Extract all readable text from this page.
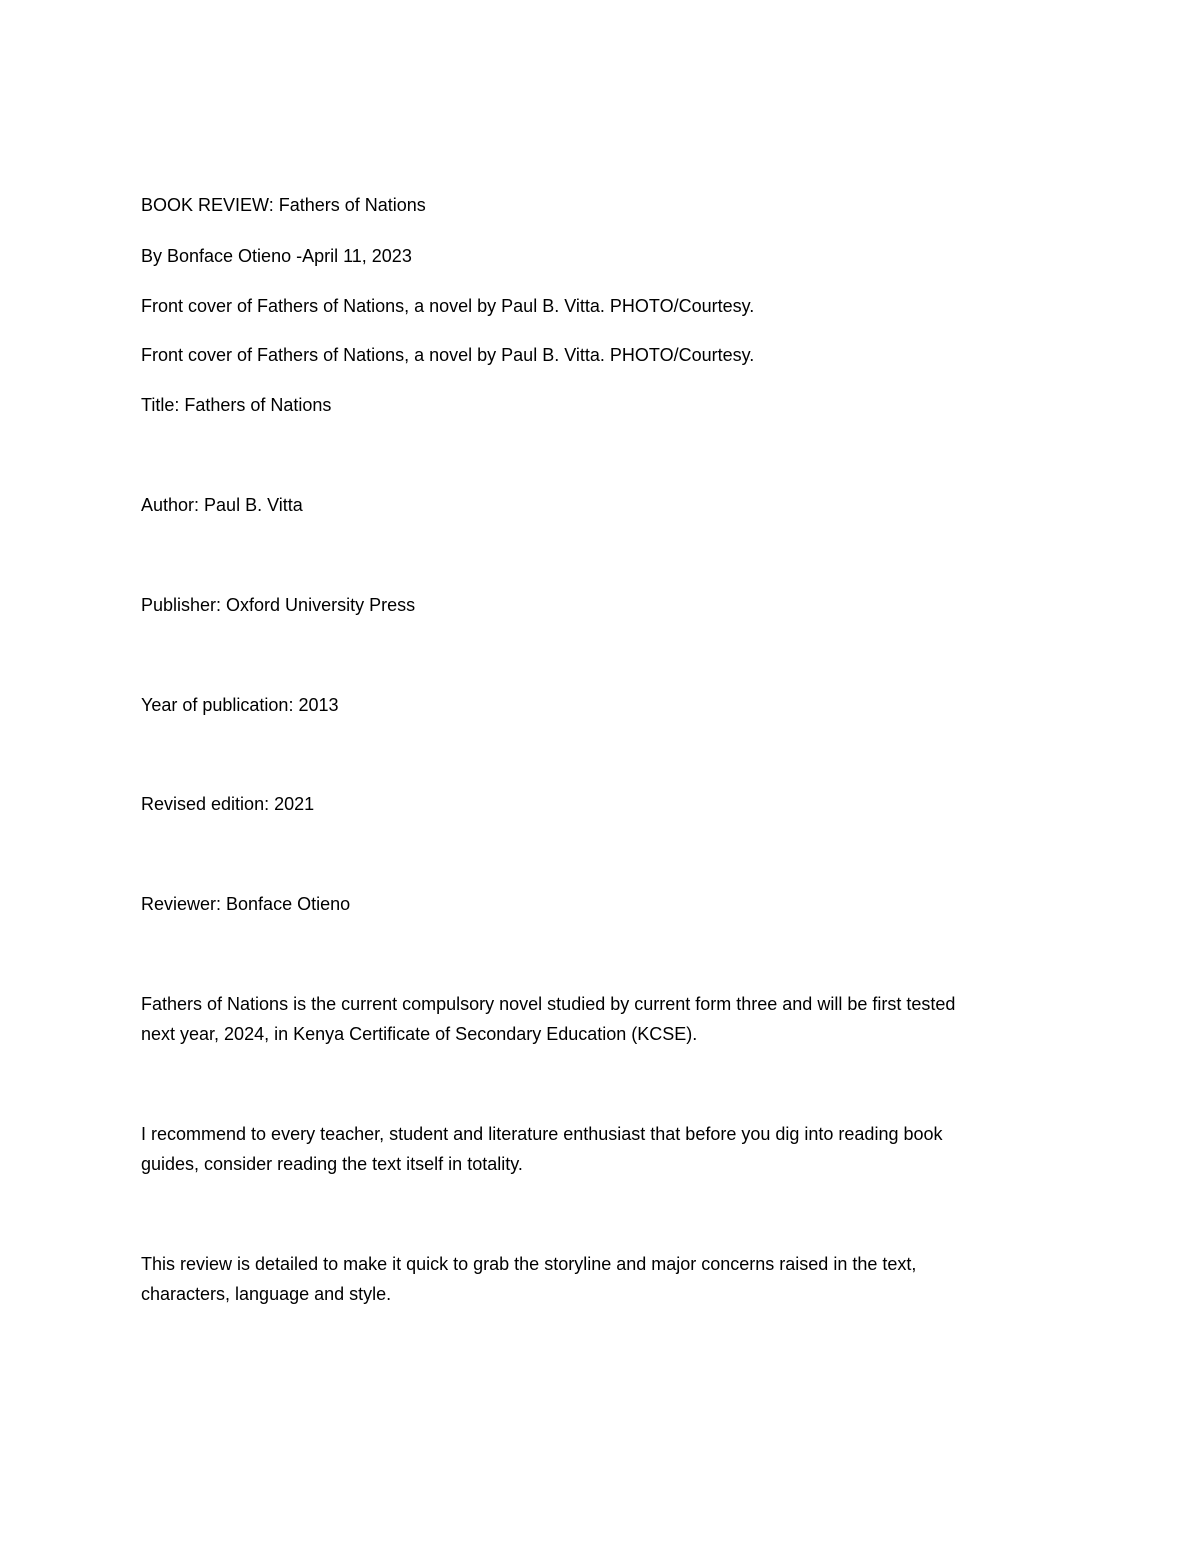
BOOK REVIEW: Fathers of Nations

By Bonface Otieno -April 11, 2023

Front cover of Fathers of Nations, a novel by Paul B. Vitta. PHOTO/Courtesy.

Front cover of Fathers of Nations, a novel by Paul B. Vitta. PHOTO/Courtesy.

Title: Fathers of Nations

Author: Paul B. Vitta

Publisher: Oxford University Press

Year of publication: 2013

Revised edition: 2021

Reviewer: Bonface Otieno

Fathers of Nations is the current compulsory novel studied by current form three and will be first tested
next year, 2024, in Kenya Certificate of Secondary Education (KCSE).

I recommend to every teacher, student and literature enthusiast that before you dig into reading book
guides, consider reading the text itself in totality.

This review is detailed to make it quick to grab the storyline and major concerns raised in the text,
characters, language and style.
